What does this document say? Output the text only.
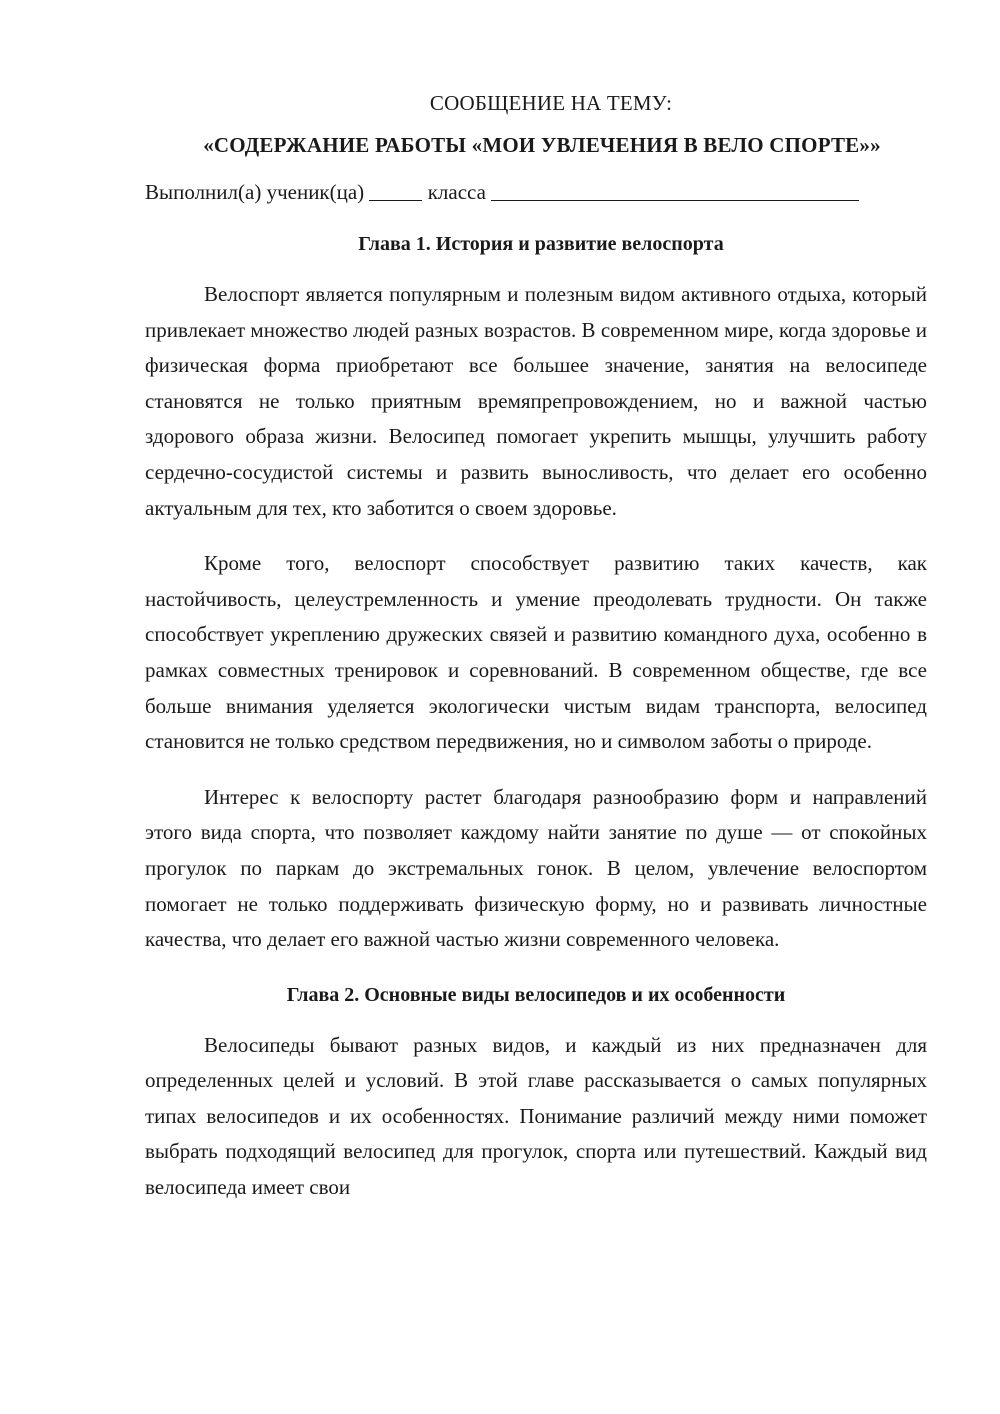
СООБЩЕНИЕ НА ТЕМУ:
«СОДЕРЖАНИЕ РАБОТЫ «МОИ УВЛЕЧЕНИЯ В ВЕЛО СПОРТЕ»»
Выполнил(а) ученик(ца)	класса
Глава 1. История и развитие велоспорта

Велоспорт является популярным и полезным видом активного отдыха, который привлекает множество людей разных возрастов. В современном мире, когда здоровье и физическая форма приобретают все большее значение, занятия на велосипеде становятся не только приятным времяпрепровождением, но и важной частью здорового образа жизни. Велосипед помогает укрепить мышцы, улучшить работу сердечно-сосудистой системы и развить выносливость, что делает его особенно актуальным для тех, кто заботится о своем здоровье.

Кроме того, велоспорт способствует развитию таких качеств, как настойчивость, целеустремленность и умение преодолевать трудности. Он также способствует укреплению дружеских связей и развитию командного духа, особенно в рамках совместных тренировок и соревнований. В современном обществе, где все больше внимания уделяется экологически чистым видам транспорта, велосипед становится не только средством передвижения, но и символом заботы о природе.

Интерес к велоспорту растет благодаря разнообразию форм и направлений этого вида спорта, что позволяет каждому найти занятие по душе — от спокойных прогулок по паркам до экстремальных гонок. В целом, увлечение велоспортом помогает не только поддерживать физическую форму, но и развивать личностные качества, что делает его важной частью жизни современного человека.

Глава 2. Основные виды велосипедов и их особенности

Велосипеды бывают разных видов, и каждый из них предназначен для определенных целей и условий. В этой главе рассказывается о самых популярных типах велосипедов и их особенностях. Понимание различий между ними поможет выбрать подходящий велосипед для прогулок, спорта или путешествий. Каждый вид велосипеда имеет свои
